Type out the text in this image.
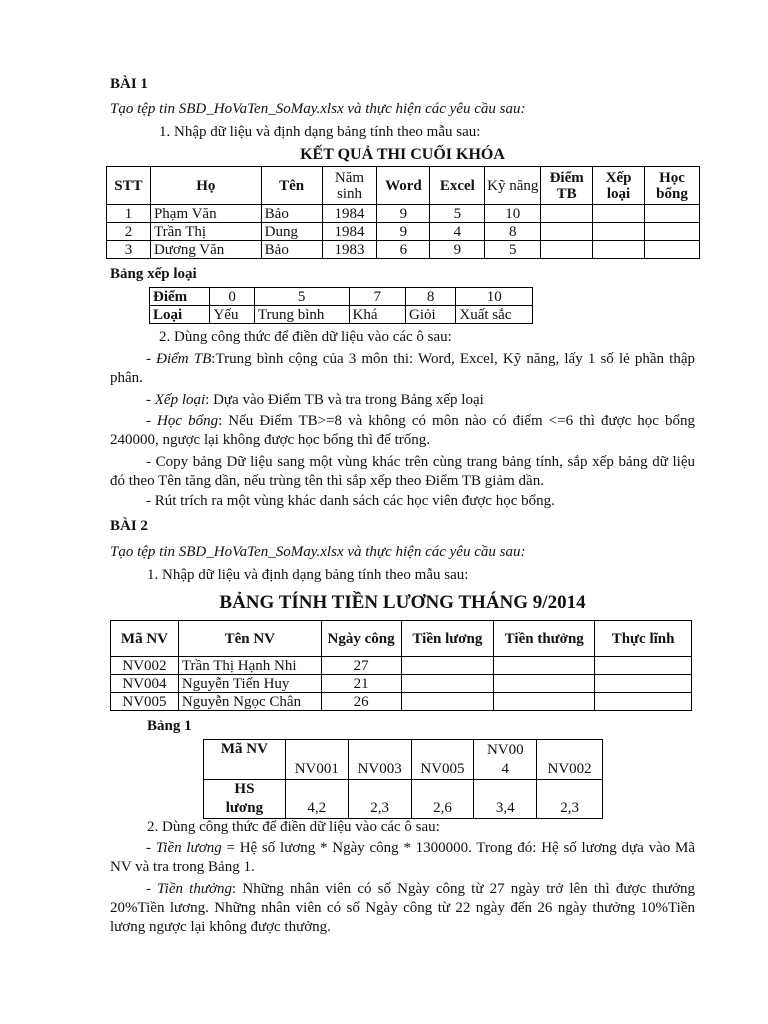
BÀI 1
Tạo tệp tin SBD_HoVaTen_SoMay.xlsx và thực hiện các yêu cầu sau:
1. Nhập dữ liệu và định dạng bảng tính theo mẫu sau:
KẾT QUẢ THI CUỐI KHÓA
STT	Họ	Tên	Năm sinh	Word	Excel	Kỹ năng	Điểm TB	Xếp loại	Học bổng
1	Phạm Văn	Bảo	1984	9	5	10			
2	Trần Thị	Dung	1984	9	4	8			
3	Dương Văn	Bảo	1983	6	9	5			
Bảng xếp loại
Điểm	0	5	7	8	10
Loại	Yếu	Trung bình	Khá	Giỏi	Xuất sắc
2. Dùng công thức để điền dữ liệu vào các ô sau:
- Điểm TB:Trung bình cộng của 3 môn thi: Word, Excel, Kỹ năng, lấy 1 số lẻ phần thập phân.
- Xếp loại: Dựa vào Điểm TB và tra trong Bảng xếp loại
- Học bổng: Nếu Điểm TB>=8 và không có môn nào có điểm <=6 thì được học bổng 240000, ngược lại không được học bổng thì để trống.
- Copy bảng Dữ liệu sang một vùng khác trên cùng trang bảng tính, sắp xếp bảng dữ liệu đó theo Tên tăng dần, nếu trùng tên thì sắp xếp theo Điểm TB giảm dần.
- Rút trích ra một vùng khác danh sách các học viên được học bổng.
BÀI 2
Tạo tệp tin SBD_HoVaTen_SoMay.xlsx và thực hiện các yêu cầu sau:
1. Nhập dữ liệu và định dạng bảng tính theo mẫu sau:
BẢNG TÍNH TIỀN LƯƠNG THÁNG 9/2014
Mã NV	Tên NV	Ngày công	Tiền lương	Tiền thưởng	Thực lĩnh
NV002	Trần Thị Hạnh Nhi	27			
NV004	Nguyễn Tiến Huy	21			
NV005	Nguyễn Ngọc Chân	26			
Bảng 1
Mã NV	NV001	NV003	NV005	NV004	NV002
HS lương	4,2	2,3	2,6	3,4	2,3
2. Dùng công thức để điền dữ liệu vào các ô sau:
- Tiền lương = Hệ số lương * Ngày công * 1300000. Trong đó: Hệ số lương dựa vào Mã NV và tra trong Bảng 1.
- Tiền thưởng: Những nhân viên có số Ngày công từ 27 ngày trở lên thì được thưởng 20%Tiền lương. Những nhân viên có số Ngày công từ 22 ngày đến 26 ngày thưởng 10%Tiền lương ngược lại không được thưởng.
